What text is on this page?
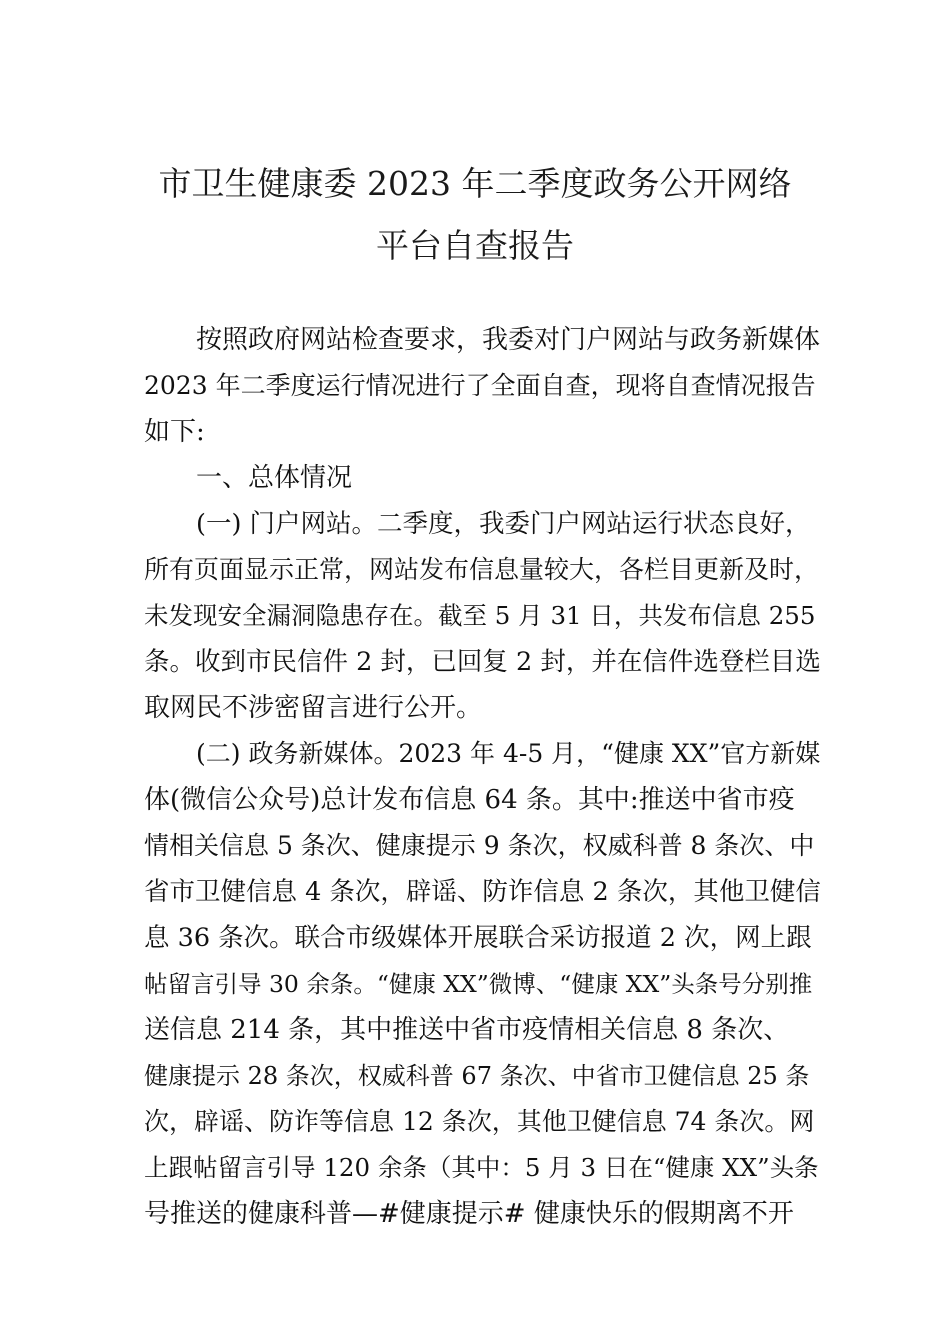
市卫生健康委 2023 年二季度政务公开网络
平台自查报告
按照政府网站检查要求，我委对门户网站与政务新媒体
2023 年二季度运行情况进行了全面自查，现将自查情况报告
如下:
一、总体情况
(一) 门户网站。二季度，我委门户网站运行状态良好，
所有页面显示正常，网站发布信息量较大，各栏目更新及时，
未发现安全漏洞隐患存在。截至 5 月 31 日，共发布信息 255
条。收到市民信件 2 封，已回复 2 封，并在信件选登栏目选
取网民不涉密留言进行公开。
(二) 政务新媒体。2023 年 4-5 月，“健康 XX”官方新媒
体(微信公众号)总计发布信息 64 条。其中:推送中省市疫
情相关信息 5 条次、健康提示 9 条次，权威科普 8 条次、中
省市卫健信息 4 条次，辟谣、防诈信息 2 条次，其他卫健信
息 36 条次。联合市级媒体开展联合采访报道 2 次，网上跟
帖留言引导 30 余条。“健康 XX”微博、“健康 XX”头条号分别推
送信息 214 条，其中推送中省市疫情相关信息 8 条次、
健康提示 28 条次，权威科普 67 条次、中省市卫健信息 25 条
次，辟谣、防诈等信息 12 条次，其他卫健信息 74 条次。网
上跟帖留言引导 120 余条（其中：5 月 3 日在“健康 XX”头条
号推送的健康科普—#健康提示# 健康快乐的假期离不开
